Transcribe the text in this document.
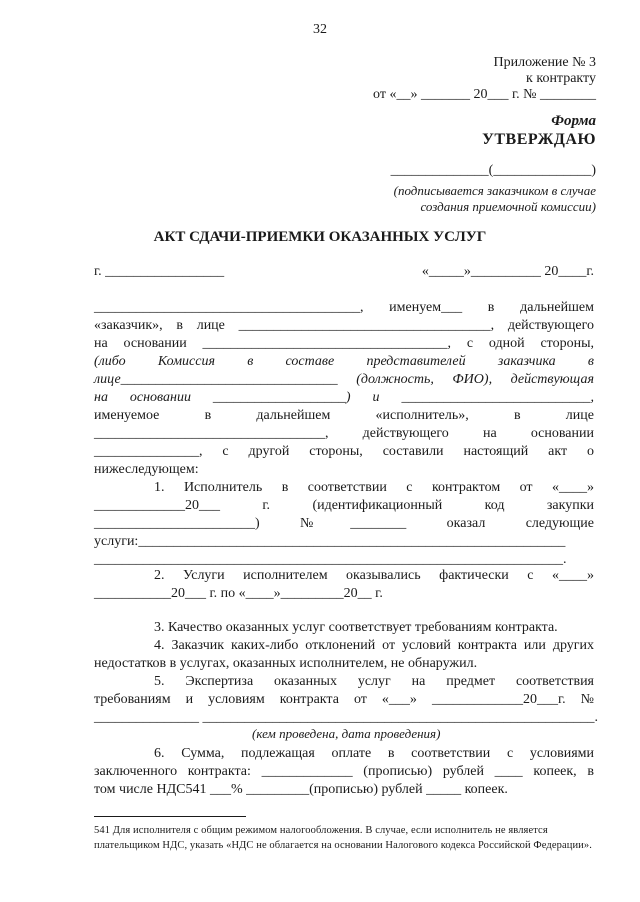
32
Приложение № 3
к контракту
от «__» _______ 20___ г. № ________
Форма
УТВЕРЖДАЮ
______________(______________)
(подписывается заказчиком в случае
создания приемочной комиссии)
АКТ СДАЧИ-ПРИЕМКИ ОКАЗАННЫХ УСЛУГ
г. _________________	«_____»__________ 20____г.
______________________________________, именуем___ в дальнейшем
«заказчик», в лице ____________________________________, действующего
на основании ___________________________________, с одной стороны,
(либо Комиссия в составе представителей заказчика в
лице_______________________________ (должность, ФИО), действующая
на основании ___________________) и ___________________________,
именуемое в дальнейшем «исполнитель», в лице
_________________________________, действующего на основании
_______________, с другой стороны, составили настоящий акт о
нижеследующем:
1. Исполнитель в соответствии с контрактом от «____»
_____________20___ г. (идентификационный код закупки
_______________________) №________ оказал следующие
услуги:_____________________________________________________________
___________________________________________________________________.
2. Услуги исполнителем оказывались фактически с «____»
___________20___ г. по «____»_________20__ г.
3. Качество оказанных услуг соответствует требованиям контракта.
4. Заказчик каких-либо отклонений от условий контракта или других
недостатков в услугах, оказанных исполнителем, не обнаружил.
5. Экспертиза оказанных услуг на предмет соответствия
требованиям и условиям контракта от «___» _____________20___г. №
_______________ ________________________________________________________.
(кем проведена, дата проведения)
6. Сумма, подлежащая оплате в соответствии с условиями
заключенного контракта: _____________ (прописью) рублей ____ копеек, в
том числе НДС541 ___% _________(прописью) рублей _____ копеек.
541 Для исполнителя с общим режимом налогообложения. В случае, если исполнитель не является
плательщиком НДС, указать «НДС не облагается на основании Налогового кодекса Российской Федерации».
